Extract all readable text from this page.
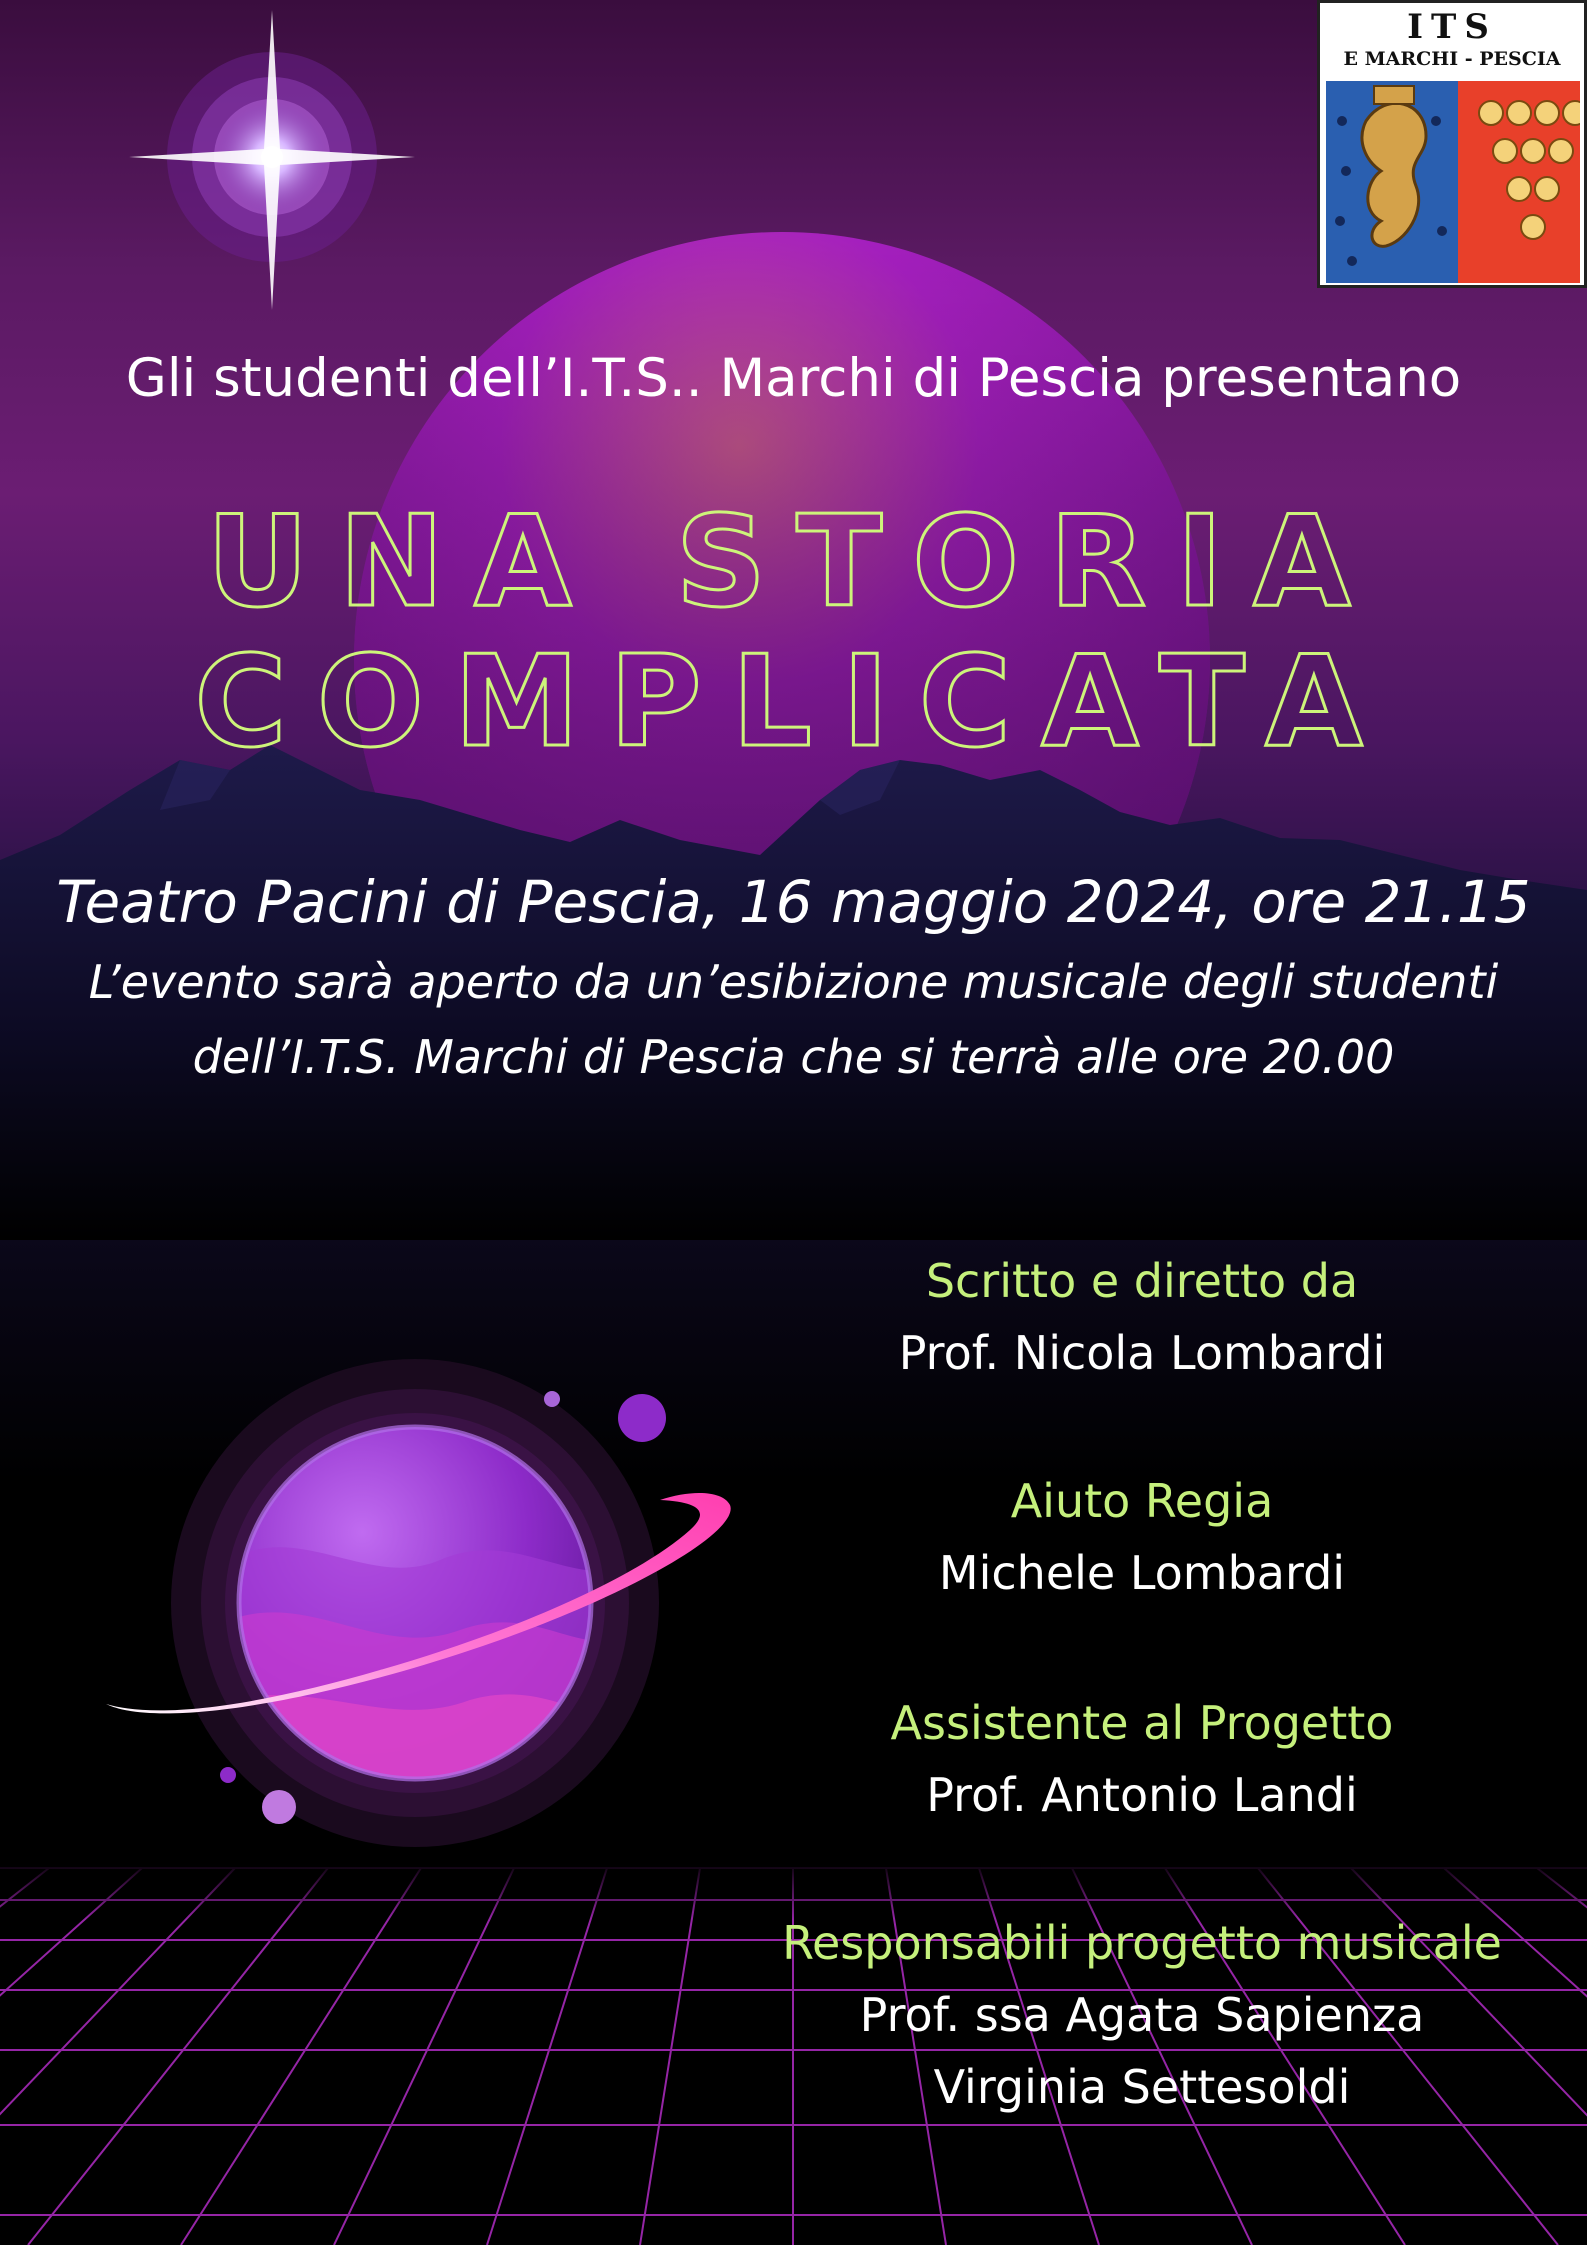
ITS
E MARCHI - PESCIA
Gli studenti dell’I.T.S.. Marchi di Pescia presentano
UNA STORIA
COMPLICATA
Teatro Pacini di Pescia, 16 maggio 2024, ore 21.15
L’evento sarà aperto da un’esibizione musicale degli studenti
dell’I.T.S. Marchi di Pescia che si terrà alle ore 20.00
Scritto e diretto da
Prof. Nicola Lombardi
Aiuto Regia
Michele Lombardi
Assistente al Progetto
Prof. Antonio Landi
Responsabili progetto musicale
Prof. ssa Agata Sapienza
Virginia Settesoldi
